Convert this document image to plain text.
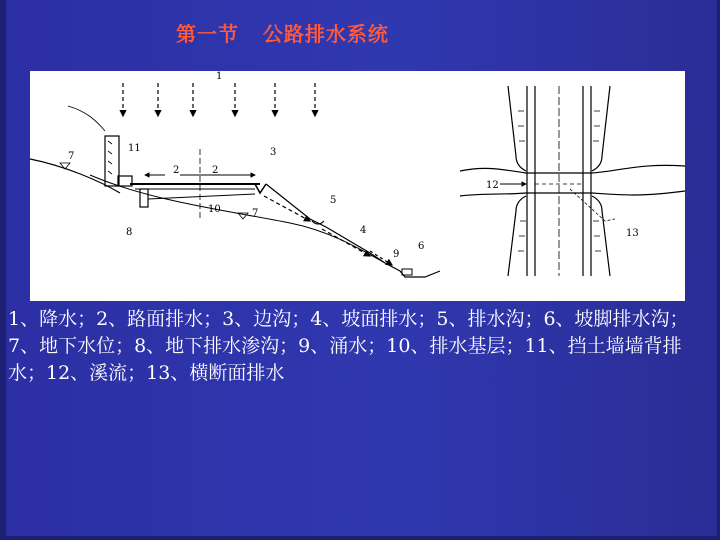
第一节   公路排水系统
1
2	2
3
4
5
6
7
7
8
9
10
11
12
13
1、降水；2、路面排水；3、边沟；4、坡面排水；5、排水沟；6、坡脚排水沟；7、地下水位；8、地下排水渗沟；9、涌水；10、排水基层；11、挡土墙墙背排水；12、溪流；13、横断面排水
